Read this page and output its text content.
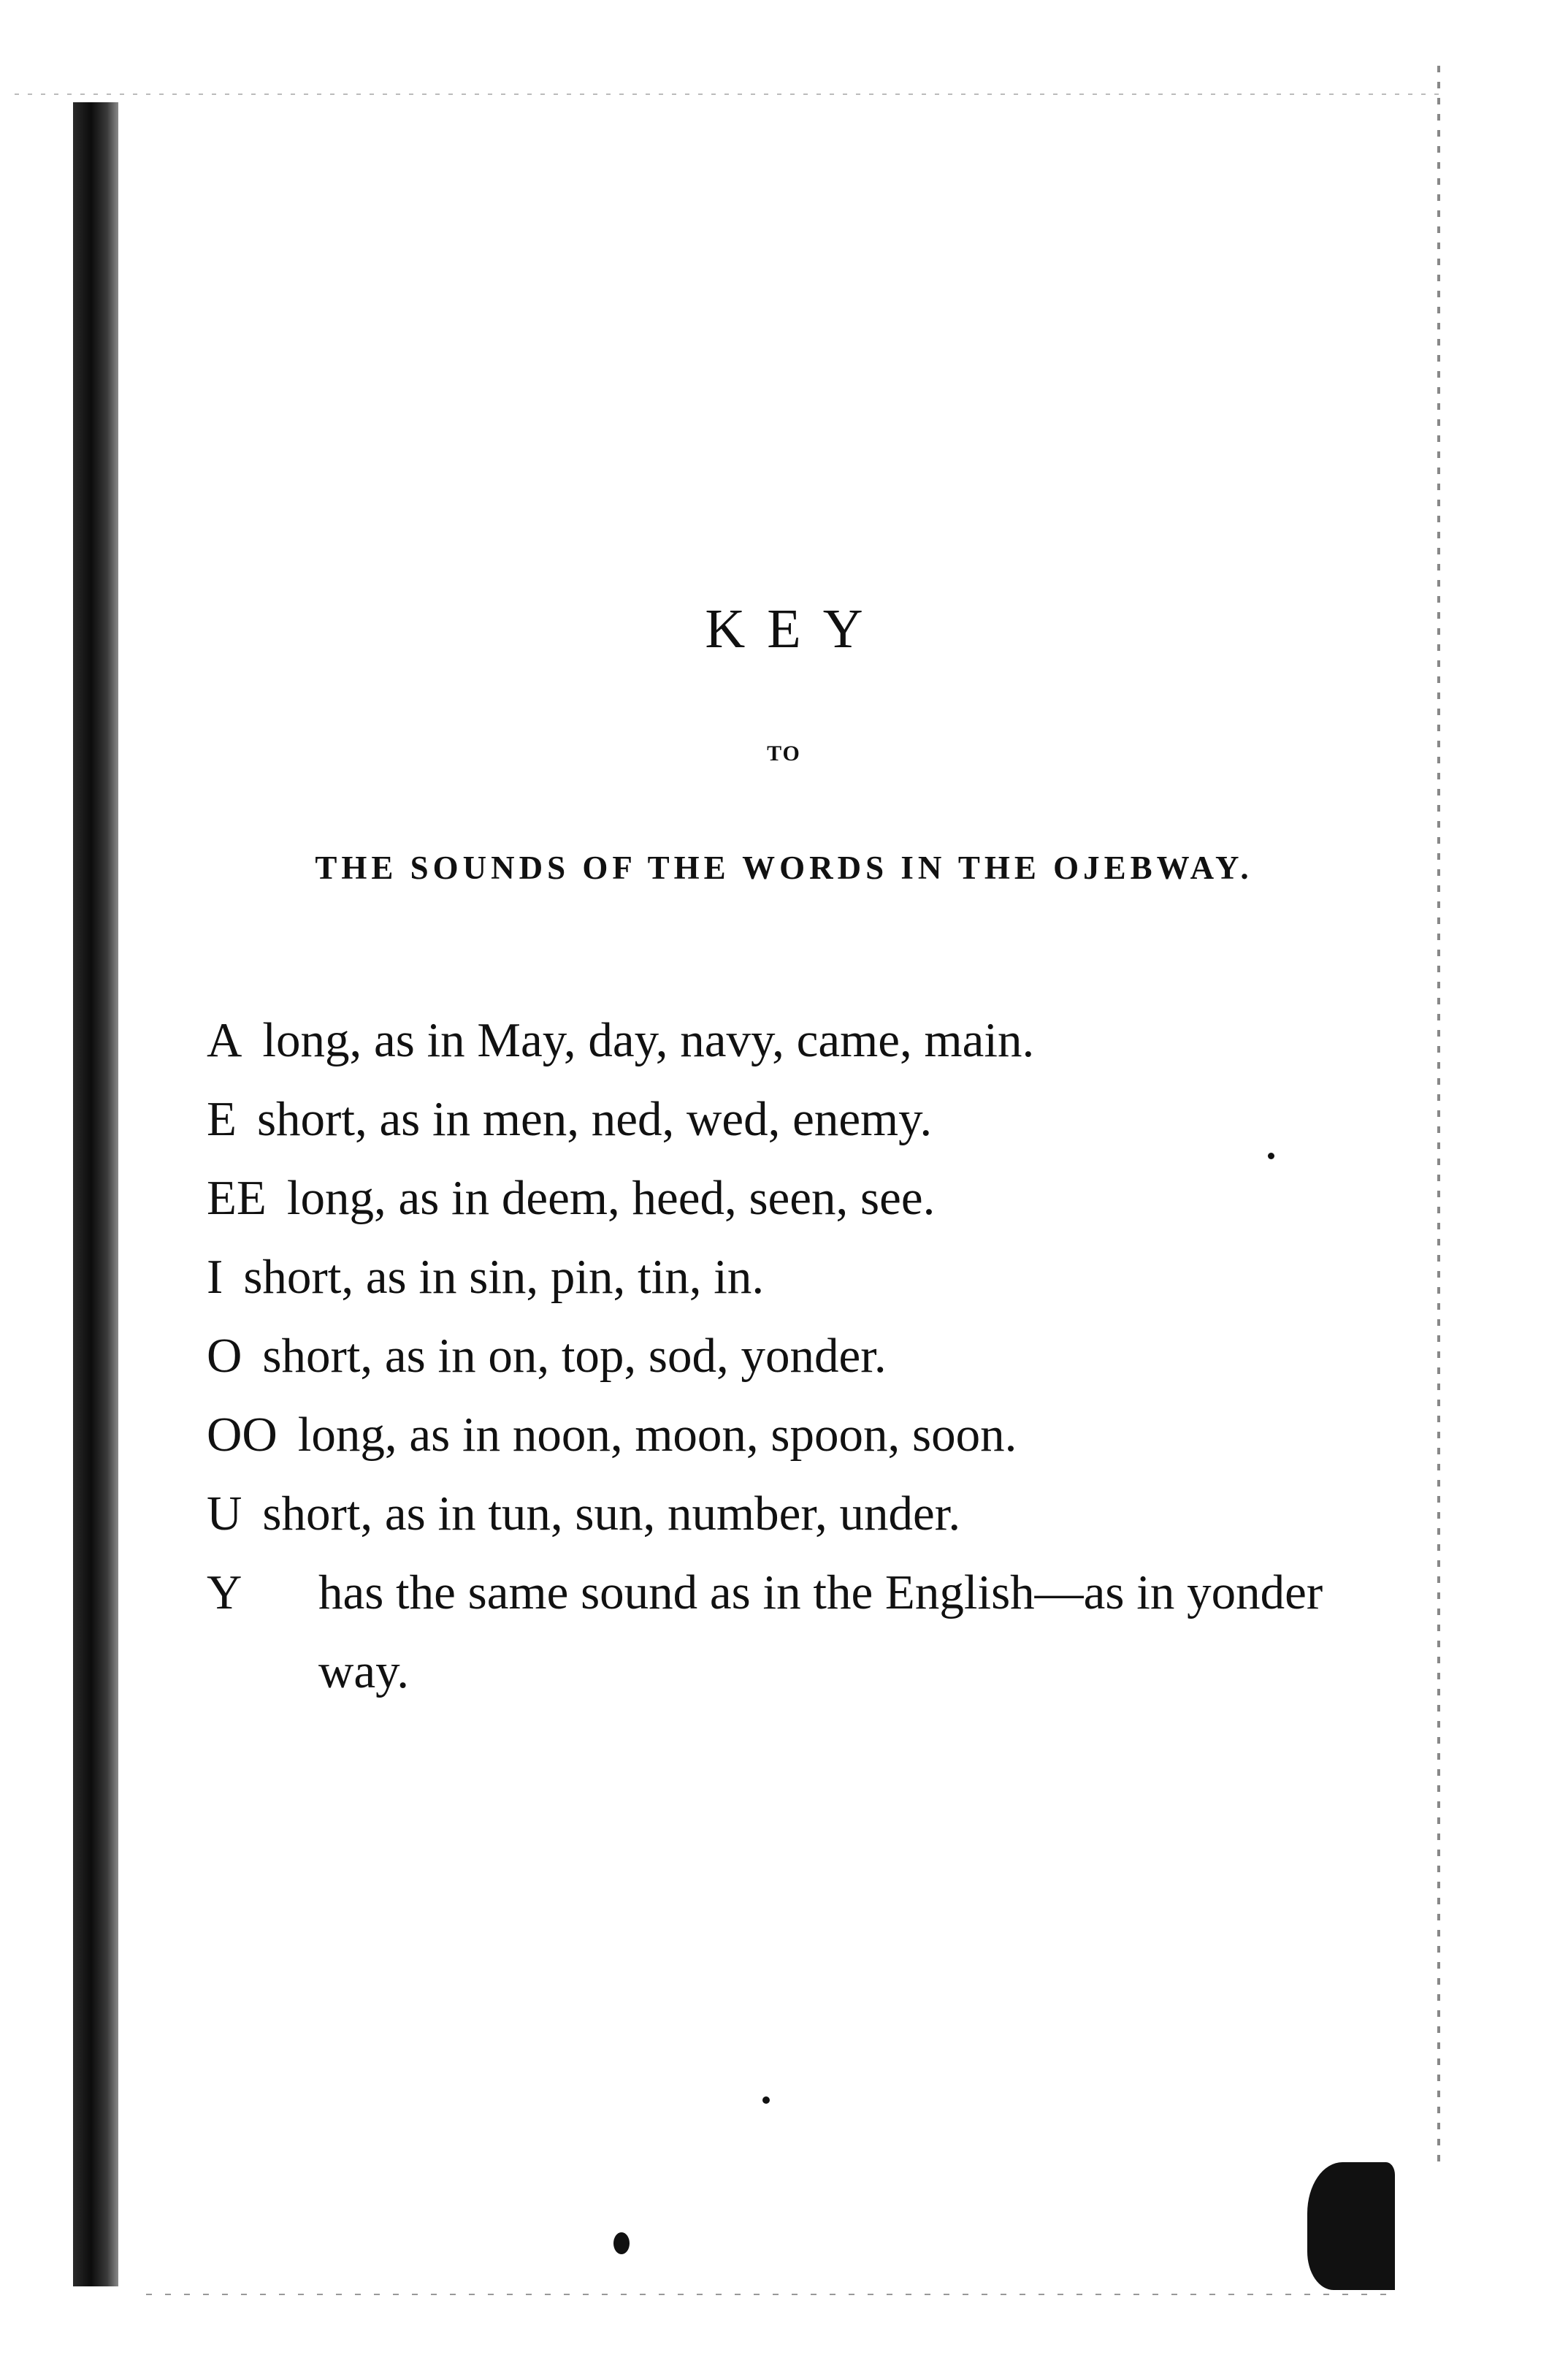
KEY
TO
THE SOUNDS OF THE WORDS IN THE OJEBWAY.
A long, as in May, day, navy, came, main.
E short, as in men, ned, wed, enemy.
EE long, as in deem, heed, seen, see.
I short, as in sin, pin, tin, in.
O short, as in on, top, sod, yonder.
OO long, as in noon, moon, spoon, soon.
U short, as in tun, sun, number, under.
Y has the same sound as in the English—as in yonder way.
